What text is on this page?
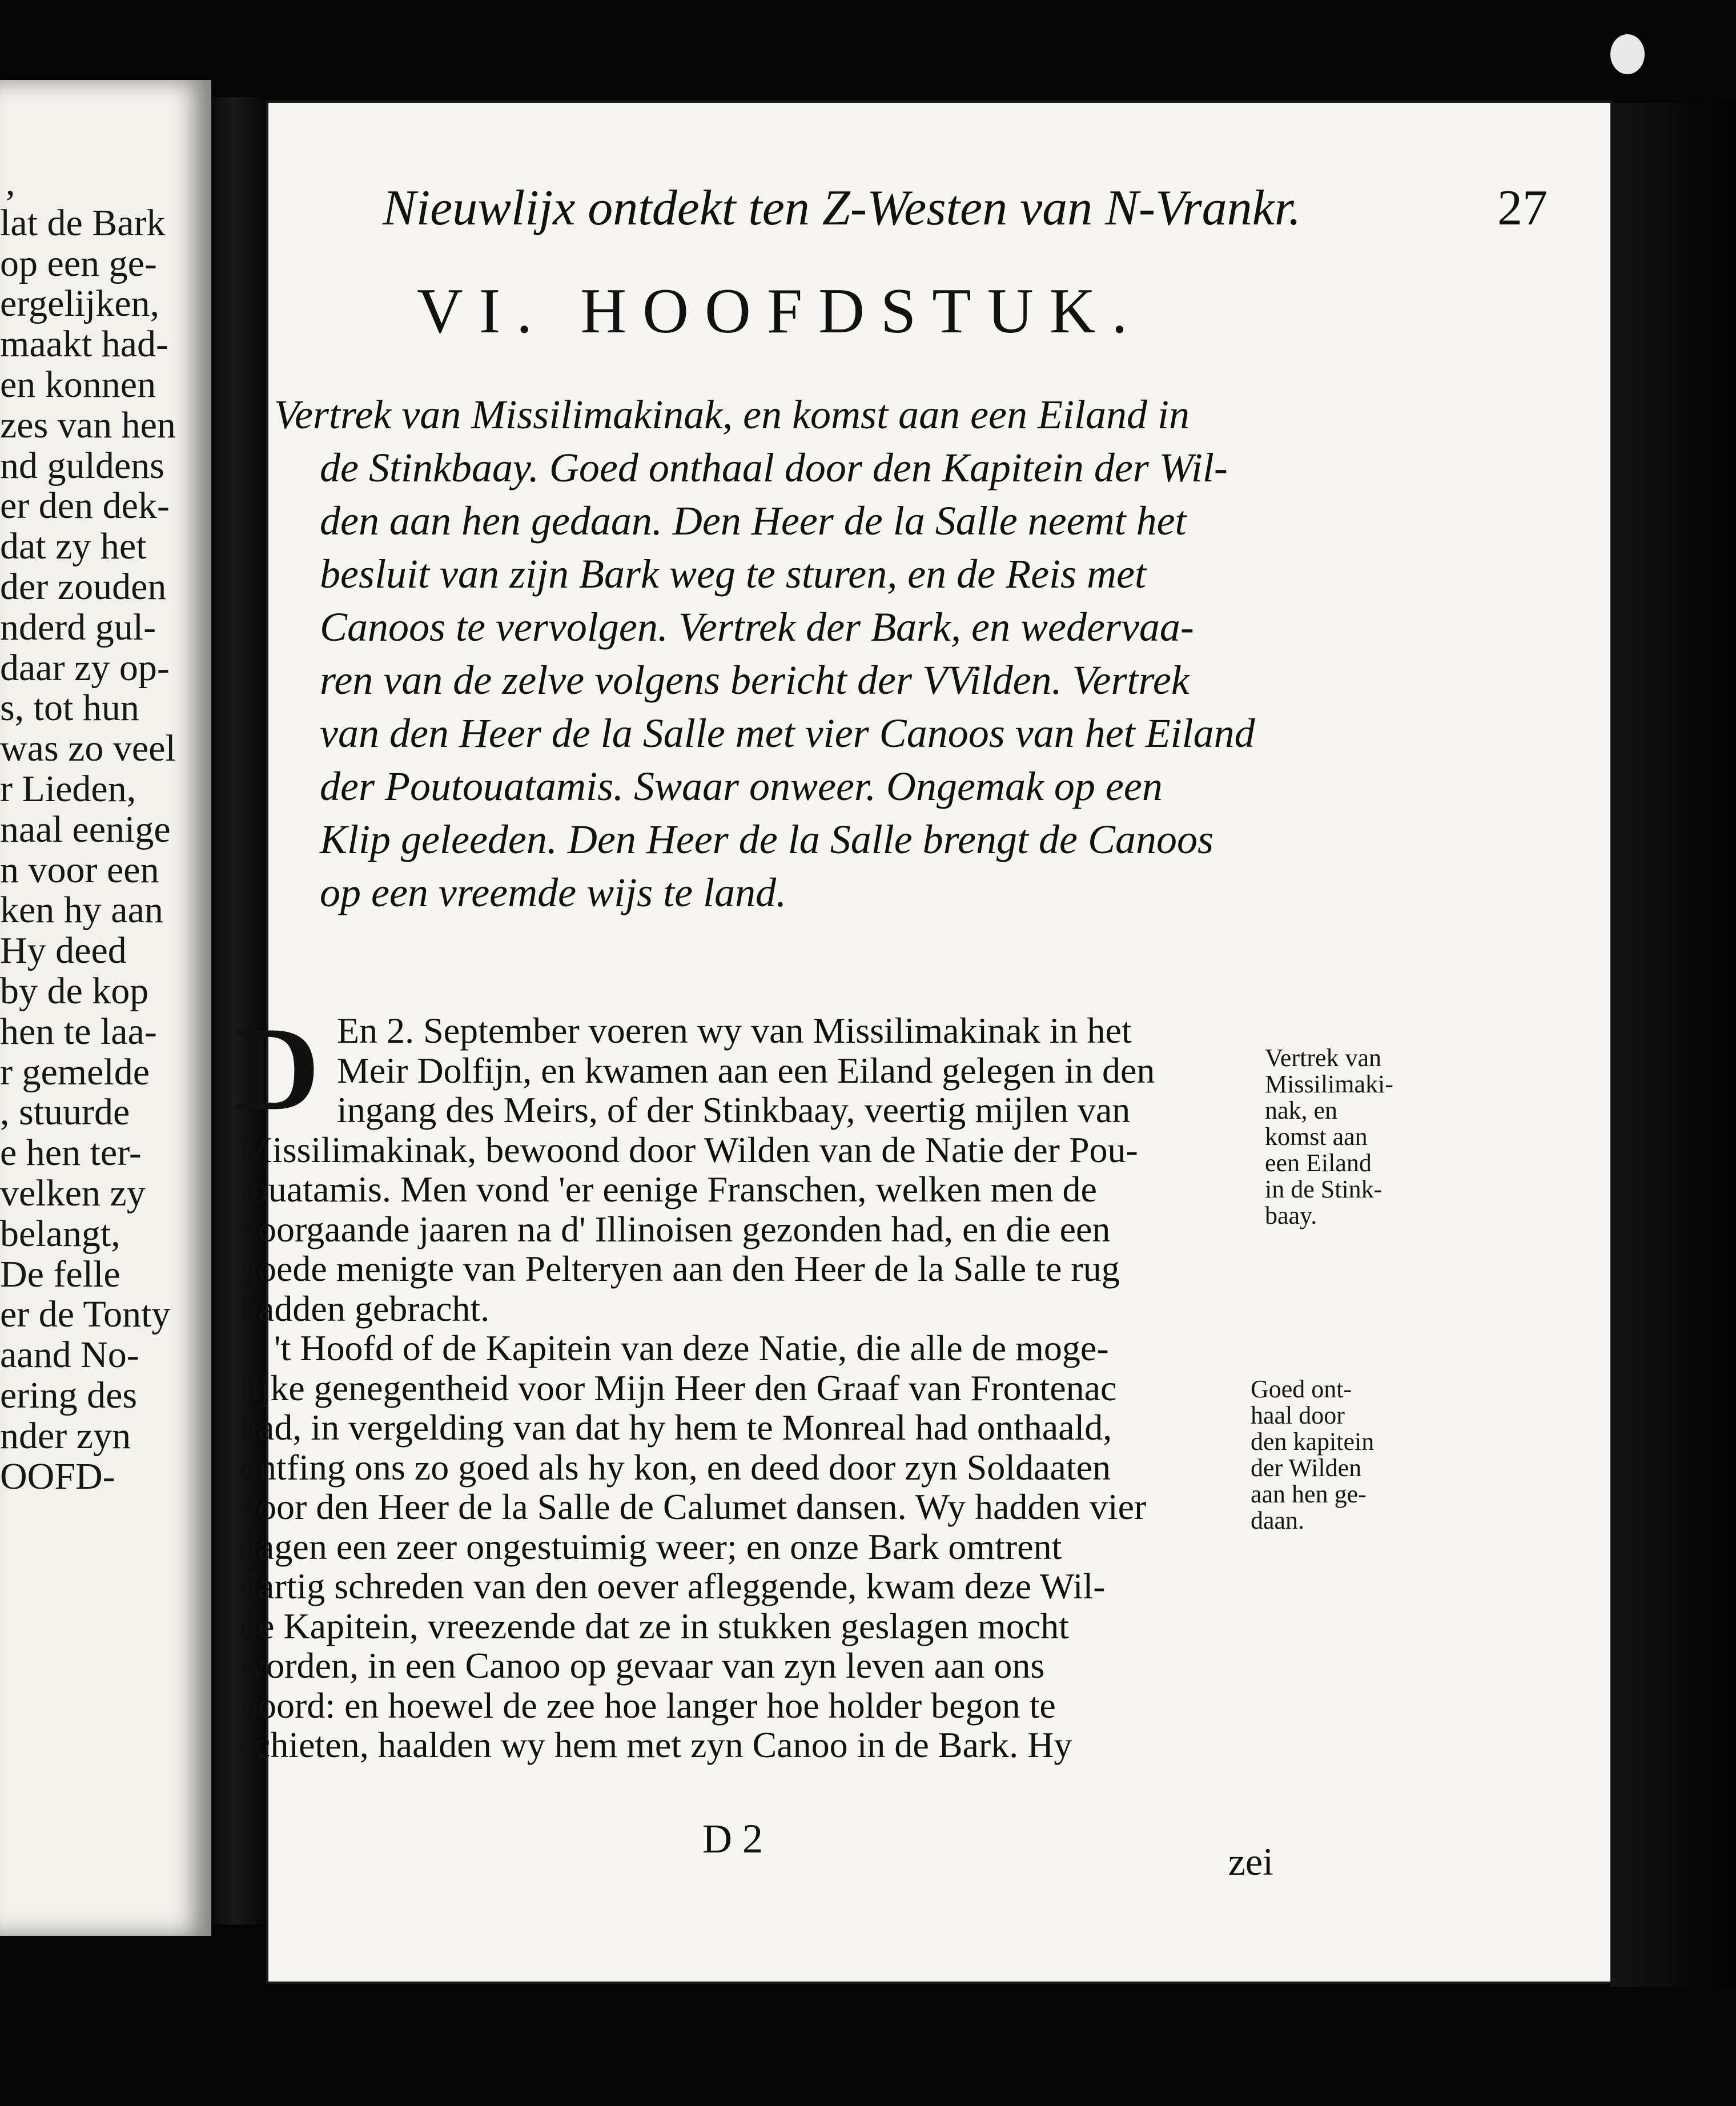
,
lat de Bark
op een ge-
ergelijken,
maakt had-
en konnen
zes van hen
nd guldens
er den dek-
dat zy het
der zouden
nderd gul-
daar zy op-
s, tot hun
was zo veel
r Lieden,
naal eenige
n voor een
ken hy aan
Hy deed
by de kop
hen te laa-
r gemelde
, stuurde
e hen ter-
velken zy
belangt,
De felle
er de Tonty
aand No-
ering des
nder zyn
OOFD-
Nieuwlijx ontdekt ten Z-Westen van N-Vrankr.	27
VI. HOOFDSTUK.
Vertrek van Missilimakinak, en komst aan een Eiland in
de Stinkbaay. Goed onthaal door den Kapitein der Wil-
den aan hen gedaan. Den Heer de la Salle neemt het
besluit van zijn Bark weg te sturen, en de Reis met
Canoos te vervolgen. Vertrek der Bark, en wedervaa-
ren van de zelve volgens bericht der VVilden. Vertrek
van den Heer de la Salle met vier Canoos van het Eiland
der Poutouatamis. Swaar onweer. Ongemak op een
Klip geleeden. Den Heer de la Salle brengt de Canoos
op een vreemde wijs te land.
D En 2. September voeren wy van Missilimakinak in het
Meir Dolfijn, en kwamen aan een Eiland gelegen in den
ingang des Meirs, of der Stinkbaay, veertig mijlen van
Missilimakinak, bewoond door Wilden van de Natie der Pou-
touatamis. Men vond 'er eenige Franschen, welken men de
voorgaande jaaren na d' Illinoisen gezonden had, en die een
goede menigte van Pelteryen aan den Heer de la Salle te rug
hadden gebracht.
't Hoofd of de Kapitein van deze Natie, die alle de moge-
lijke genegentheid voor Mijn Heer den Graaf van Frontenac
had, in vergelding van dat hy hem te Monreal had onthaald,
ontfing ons zo goed als hy kon, en deed door zyn Soldaaten
voor den Heer de la Salle de Calumet dansen. Wy hadden vier
dagen een zeer ongestuimig weer; en onze Bark omtrent
dartig schreden van den oever afleggende, kwam deze Wil-
de Kapitein, vreezende dat ze in stukken geslagen mocht
worden, in een Canoo op gevaar van zyn leven aan ons
boord: en hoewel de zee hoe langer hoe holder begon te
schieten, haalden wy hem met zyn Canoo in de Bark. Hy
Vertrek van
Missilimaki-
nak, en
komst aan
een Eiland
in de Stink-
baay.
Goed ont-
haal door
den kapitein
der Wilden
aan hen ge-
daan.
D 2	zei
